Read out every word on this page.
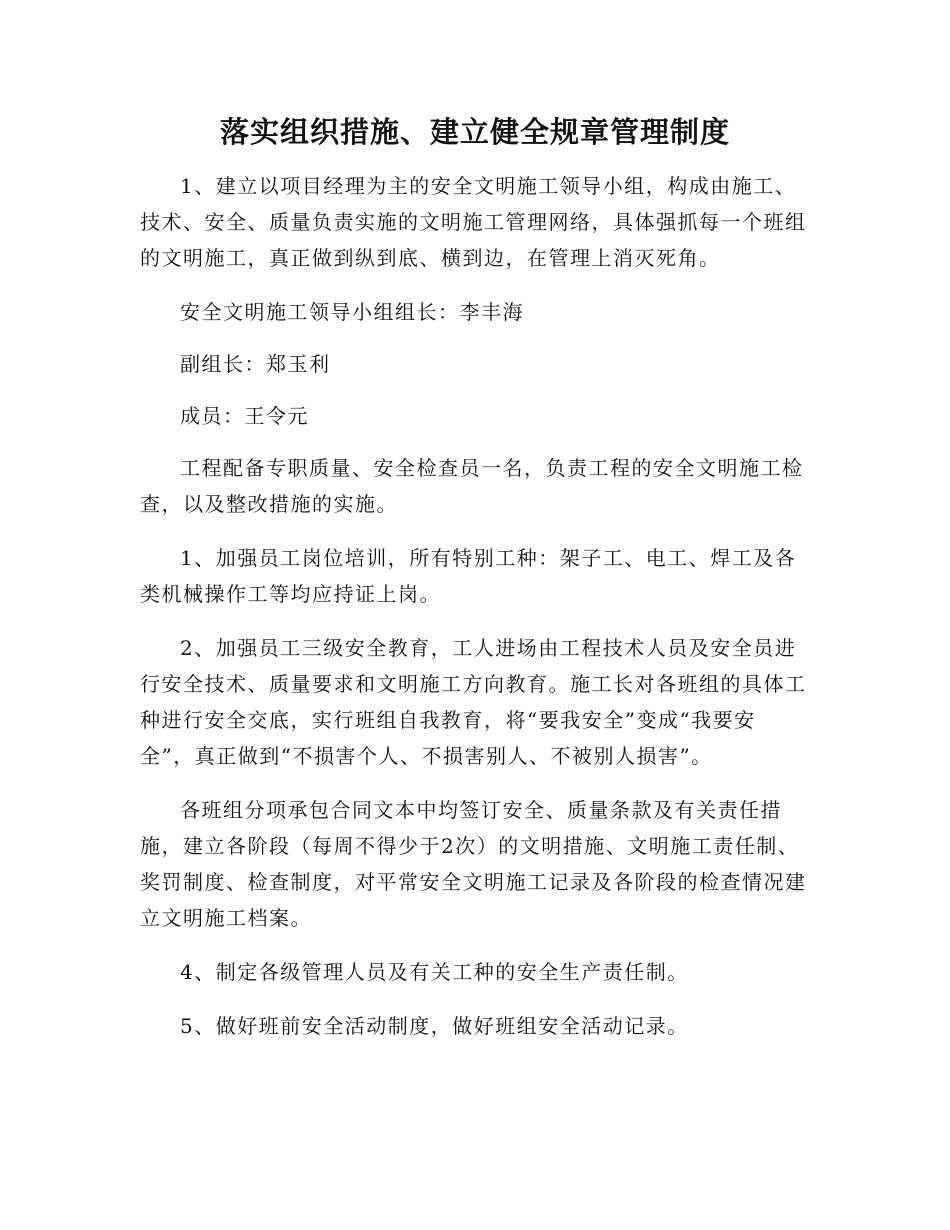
落实组织措施、建立健全规章管理制度

1、建立以项目经理为主的安全文明施工领导小组，构成由施工、技术、安全、质量负责实施的文明施工管理网络，具体强抓每一个班组的文明施工，真正做到纵到底、横到边，在管理上消灭死角。

安全文明施工领导小组组长：李丰海

副组长：郑玉利

成员：王令元

工程配备专职质量、安全检查员一名，负责工程的安全文明施工检查，以及整改措施的实施。

1、加强员工岗位培训，所有特别工种：架子工、电工、焊工及各类机械操作工等均应持证上岗。

2、加强员工三级安全教育，工人进场由工程技术人员及安全员进行安全技术、质量要求和文明施工方向教育。施工长对各班组的具体工种进行安全交底，实行班组自我教育，将“要我安全”变成“我要安全”，真正做到“不损害个人、不损害别人、不被别人损害”。

各班组分项承包合同文本中均签订安全、质量条款及有关责任措施，建立各阶段（每周不得少于2次）的文明措施、文明施工责任制、奖罚制度、检查制度，对平常安全文明施工记录及各阶段的检查情况建立文明施工档案。

4、制定各级管理人员及有关工种的安全生产责任制。

5、做好班前安全活动制度，做好班组安全活动记录。
